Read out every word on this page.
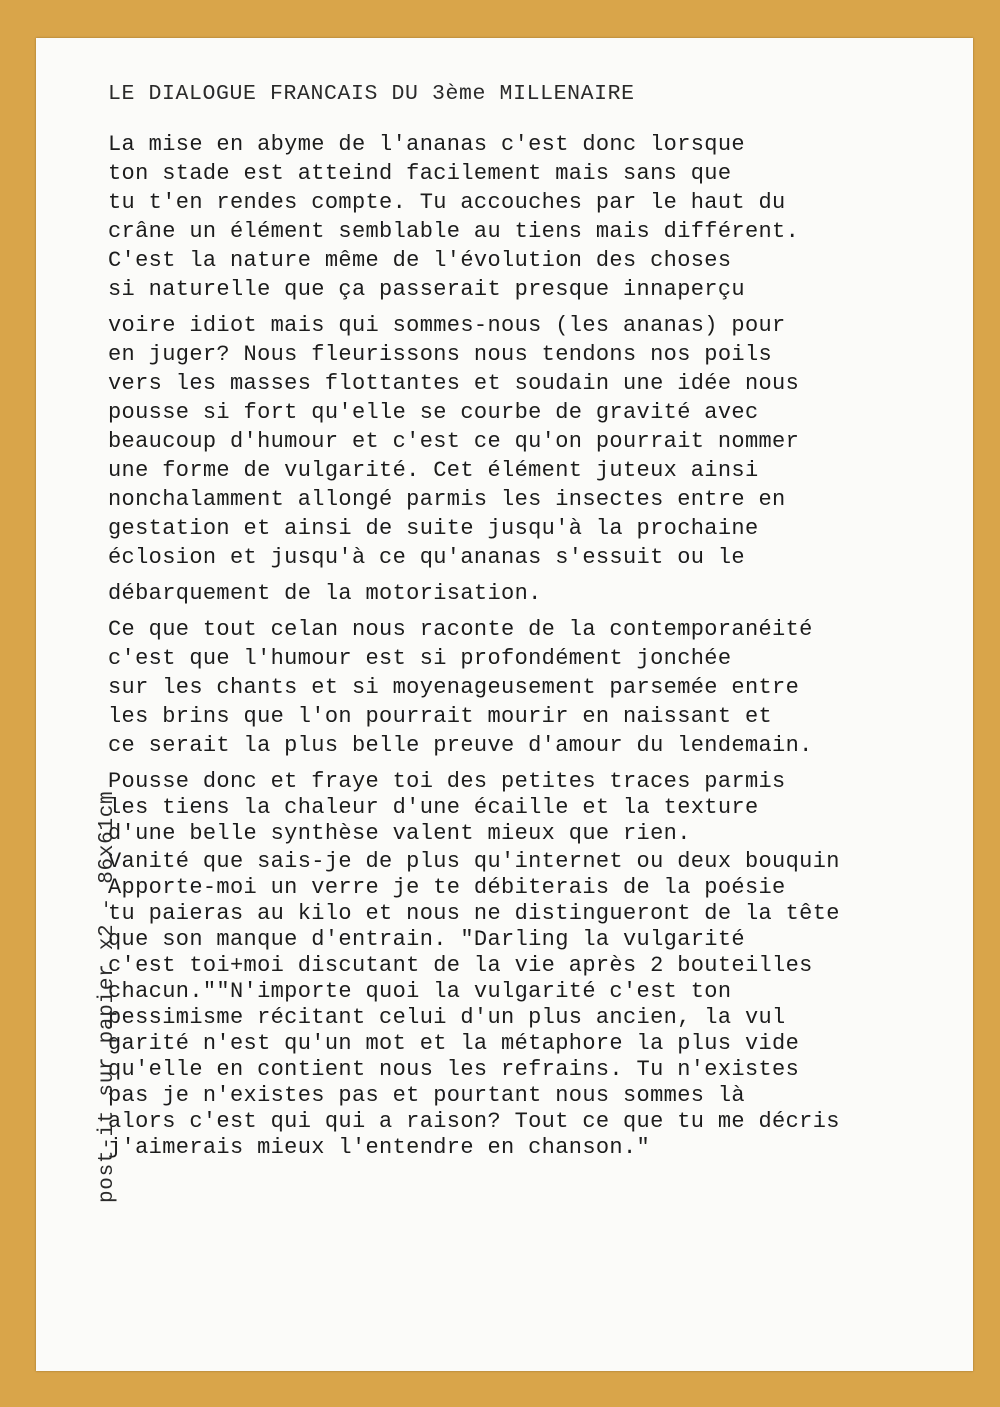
LE DIALOGUE FRANCAIS DU 3ème MILLENAIRE
La mise en abyme de l'ananas c'est donc lorsque
ton stade est atteind facilement mais sans que
tu t'en rendes compte. Tu accouches par le haut du
crâne un élément semblable au tiens mais différent.
C'est la nature même de l'évolution des choses
si naturelle que ça passerait presque innaperçu
voire idiot mais qui sommes-nous (les ananas) pour
en juger? Nous fleurissons nous tendons nos poils
vers les masses flottantes et soudain une idée nous
pousse si fort qu'elle se courbe de gravité avec
beaucoup d'humour et c'est ce qu'on pourrait nommer
une forme de vulgarité. Cet élément juteux ainsi
nonchalamment allongé parmis les insectes entre en
gestation et ainsi de suite jusqu'à la prochaine
éclosion et jusqu'à ce qu'ananas s'essuit ou le
débarquement de la motorisation.
Ce que tout celan nous raconte de la contemporanéité
c'est que l'humour est si profondément jonchée
sur les chants et si moyenageusement parsemée entre
les brins que l'on pourrait mourir en naissant et
ce serait la plus belle preuve d'amour du lendemain.
Pousse donc et fraye toi des petites traces parmis
les tiens la chaleur d'une écaille et la texture
d'une belle synthèse valent mieux que rien.
Vanité que sais-je de plus qu'internet ou deux bouquin
Apporte-moi un verre je te débiterais de la poésie
tu paieras au kilo et nous ne distingueront de la tête
que son manque d'entrain. "Darling la vulgarité
c'est toi+moi discutant de la vie après 2 bouteilles
chacun.""N'importe quoi la vulgarité c'est ton
pessimisme récitant celui d'un plus ancien, la vul
garité n'est qu'un mot et la métaphore la plus vide
qu'elle en contient nous les refrains. Tu n'existes
pas je n'existes pas et pourtant nous sommes là
alors c'est qui qui a raison? Tout ce que tu me décris
j'aimerais mieux l'entendre en chanson."
post-it sur papier x2 - 86x61cm
